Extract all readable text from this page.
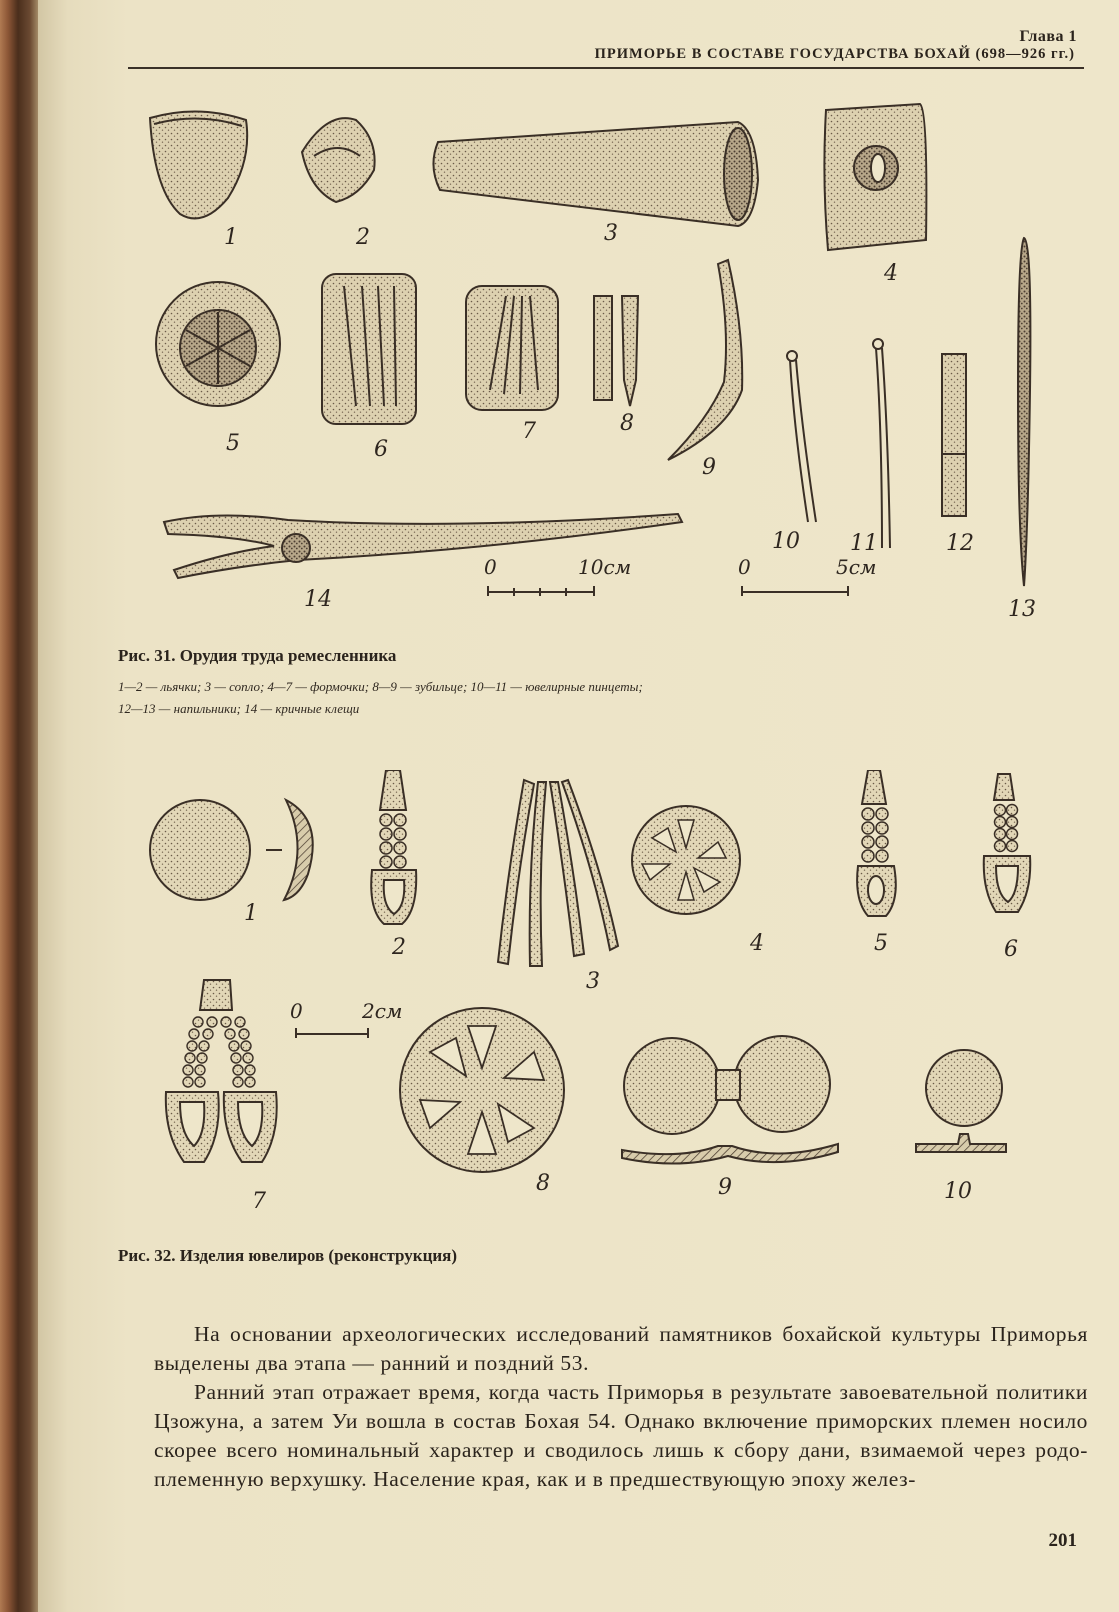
Глава 1
ПРИМОРЬЕ В СОСТАВЕ ГОСУДАРСТВА БОХАЙ (698—926 гг.)
1	2	3
4
5	6
7	8
9
10 11	12
13
14
0	10см	0	5см
Рис. 31. Орудия труда ремесленника
1—2 — льячки; 3 — сопло; 4—7 — формочки; 8—9 — зубильце; 10—11 — ювелирные пинцеты;
12—13 — напильники; 14 — кричные клещи
1
2
3
4	5	6
0	2см
7
8	9	10
Рис. 32. Изделия ювелиров (реконструкция)

На основании археологических исследований памятников бохайской культуры Приморья выделены два этапа — ранний и поздний 53.

Ранний этап отражает время, когда часть Приморья в результате завоевательной политики Цзожуна, а затем Уи вошла в состав Бохая 54. Однако включение приморских племен носило скорее всего номинальный характер и сводилось лишь к сбору дани, взимаемой через родо-племенную верхушку. Население края, как и в предшествующую эпоху желез-

201
